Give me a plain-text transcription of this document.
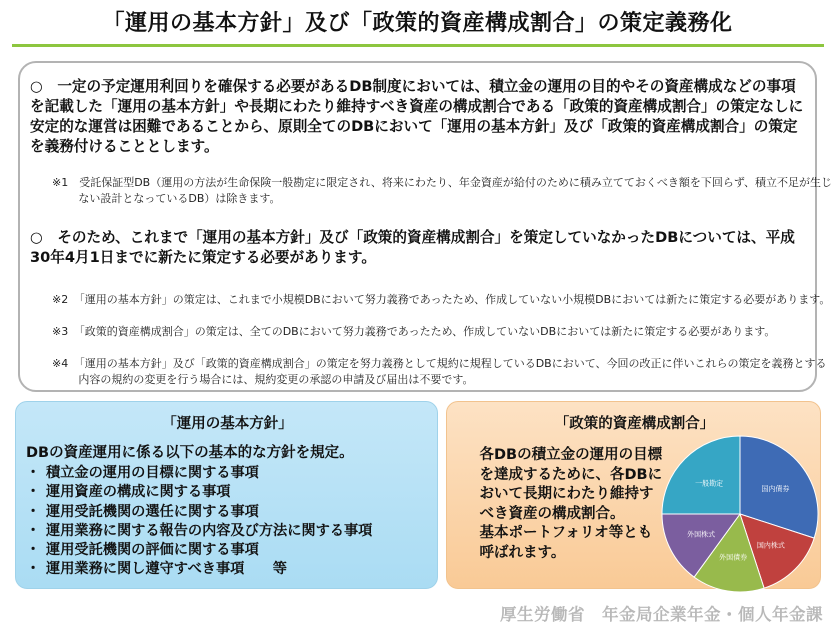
「運用の基本方針」及び「政策的資産構成割合」の策定義務化
○　一定の予定運用利回りを確保する必要があるDB制度においては、積立金の運用の目的やその資産構成などの事項を記載した「運用の基本方針」や長期にわたり維持すべき資産の構成割合である「政策的資産構成割合」の策定なしに安定的な運営は困難であることから、原則全てのDBにおいて「運用の基本方針」及び「政策的資産構成割合」の策定を義務付けることとします。
※1　受託保証型DB（運用の方法が生命保険一般勘定に限定され、将来にわたり、年金資産が給付のために積み立てておくべき額を下回らず、積立不足が生じない設計となっているDB）は除きます。
○　そのため、これまで「運用の基本方針」及び「政策的資産構成割合」を策定していなかったDBについては、平成30年4月1日までに新たに策定する必要があります。
※2　「運用の基本方針」の策定は、これまで小規模DBにおいて努力義務であったため、作成していない小規模DBにおいては新たに策定する必要があります。
※3　「政策的資産構成割合」の策定は、全てのDBにおいて努力義務であったため、作成していないDBにおいては新たに策定する必要があります。
※4　「運用の基本方針」及び「政策的資産構成割合」の策定を努力義務として規約に規程しているDBにおいて、今回の改正に伴いこれらの策定を義務とする内容の規約の変更を行う場合には、規約変更の承認の申請及び届出は不要です。
「運用の基本方針」
DBの資産運用に係る以下の基本的な方針を規定。
・ 積立金の運用の目標に関する事項
・ 運用資産の構成に関する事項
・ 運用受託機関の選任に関する事項
・ 運用業務に関する報告の内容及び方法に関する事項
・ 運用受託機関の評価に関する事項
・ 運用業務に関し遵守すべき事項　　等
「政策的資産構成割合」
各DBの積立金の運用の目標を達成するために、各DBにおいて長期にわたり維持すべき資産の構成割合。
基本ポートフォリオ等とも呼ばれます。
国内債券
国内株式
外国債券
外国株式
一般勘定
厚生労働省　年金局企業年金・個人年金課
